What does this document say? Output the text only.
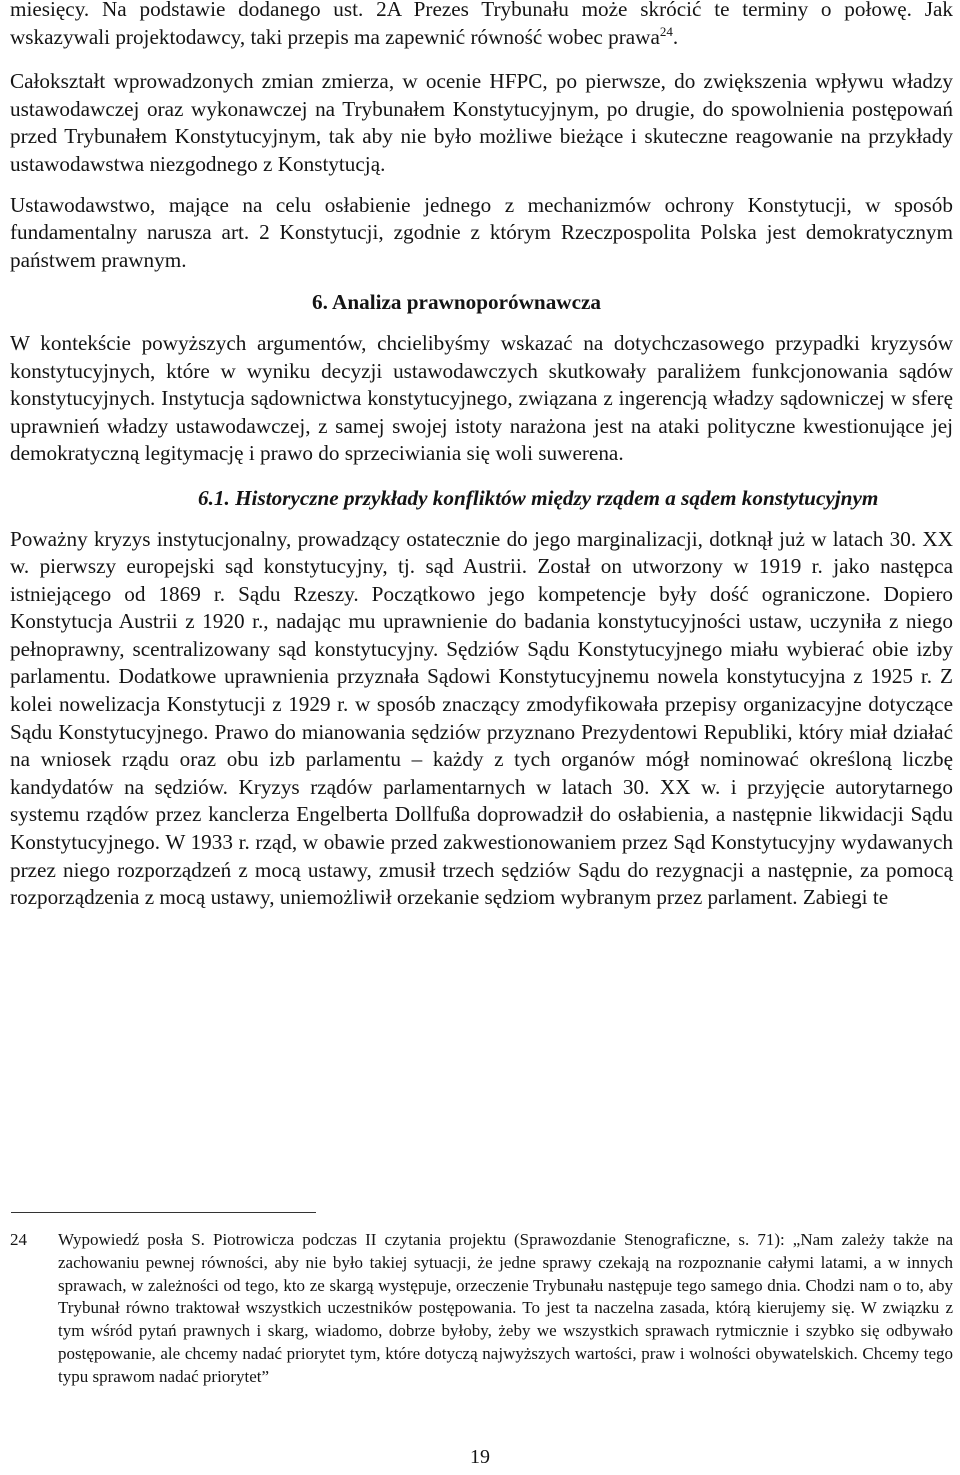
miesięcy. Na podstawie dodanego ust. 2A Prezes Trybunału może skrócić te terminy o połowę. Jak wskazywali projektodawcy, taki przepis ma zapewnić równość wobec prawa$^{24}$.

Całokształt wprowadzonych zmian zmierza, w ocenie HFPC, po pierwsze, do zwiększenia wpływu władzy ustawodawczej oraz wykonawczej na Trybunałem Konstytucyjnym, po drugie, do spowolnienia postępowań przed Trybunałem Konstytucyjnym, tak aby nie było możliwe bieżące i skuteczne reagowanie na przykłady ustawodawstwa niezgodnego z Konstytucją.

Ustawodawstwo, mające na celu osłabienie jednego z mechanizmów ochrony Konstytucji, w sposób fundamentalny narusza art. 2 Konstytucji, zgodnie z którym Rzeczpospolita Polska jest demokratycznym państwem prawnym.

6. Analiza prawnoporównawcza

W kontekście powyższych argumentów, chcielibyśmy wskazać na dotychczasowego przypadki kryzysów konstytucyjnych, które w wyniku decyzji ustawodawczych skutkowały paraliżem funkcjonowania sądów konstytucyjnych. Instytucja sądownictwa konstytucyjnego, związana z ingerencją władzy sądowniczej w sferę uprawnień władzy ustawodawczej, z samej swojej istoty narażona jest na ataki polityczne kwestionujące jej demokratyczną legitymację i prawo do sprzeciwiania się woli suwerena.

6.1. Historyczne przykłady konfliktów między rządem a sądem konstytucyjnym

Poważny kryzys instytucjonalny, prowadzący ostatecznie do jego marginalizacji, dotknął już w latach 30. XX w. pierwszy europejski sąd konstytucyjny, tj. sąd Austrii. Został on utworzony w 1919 r. jako następca istniejącego od 1869 r. Sądu Rzeszy. Początkowo jego kompetencje były dość ograniczone. Dopiero Konstytucja Austrii z 1920 r., nadając mu uprawnienie do badania konstytucyjności ustaw, uczyniła z niego pełnoprawny, scentralizowany sąd konstytucyjny. Sędziów Sądu Konstytucyjnego miału wybierać obie izby parlamentu. Dodatkowe uprawnienia przyznała Sądowi Konstytucyjnemu nowela konstytucyjna z 1925 r. Z kolei nowelizacja Konstytucji z 1929 r. w sposób znaczący zmodyfikowała przepisy organizacyjne dotyczące Sądu Konstytucyjnego. Prawo do mianowania sędziów przyznano Prezydentowi Republiki, który miał działać na wniosek rządu oraz obu izb parlamentu – każdy z tych organów mógł nominować określoną liczbę kandydatów na sędziów. Kryzys rządów parlamentarnych w latach 30. XX w. i przyjęcie autorytarnego systemu rządów przez kanclerza Engelberta Dollfußa doprowadził do osłabienia, a następnie likwidacji Sądu Konstytucyjnego. W 1933 r. rząd, w obawie przed zakwestionowaniem przez Sąd Konstytucyjny wydawanych przez niego rozporządzeń z mocą ustawy, zmusił trzech sędziów Sądu do rezygnacji a następnie, za pomocą rozporządzenia z mocą ustawy, uniemożliwił orzekanie sędziom wybranym przez parlament. Zabiegi te

24 Wypowiedź posła S. Piotrowicza podczas II czytania projektu (Sprawozdanie Stenograficzne, s. 71): „Nam zależy także na zachowaniu pewnej równości, aby nie było takiej sytuacji, że jedne sprawy czekają na rozpoznanie całymi latami, a w innych sprawach, w zależności od tego, kto ze skargą występuje, orzeczenie Trybunału następuje tego samego dnia. Chodzi nam o to, aby Trybunał równo traktował wszystkich uczestników postępowania. To jest ta naczelna zasada, którą kierujemy się. W związku z tym wśród pytań prawnych i skarg, wiadomo, dobrze byłoby, żeby we wszystkich sprawach rytmicznie i szybko się odbywało postępowanie, ale chcemy nadać priorytet tym, które dotyczą najwyższych wartości, praw i wolności obywatelskich. Chcemy tego typu sprawom nadać priorytet”
19
